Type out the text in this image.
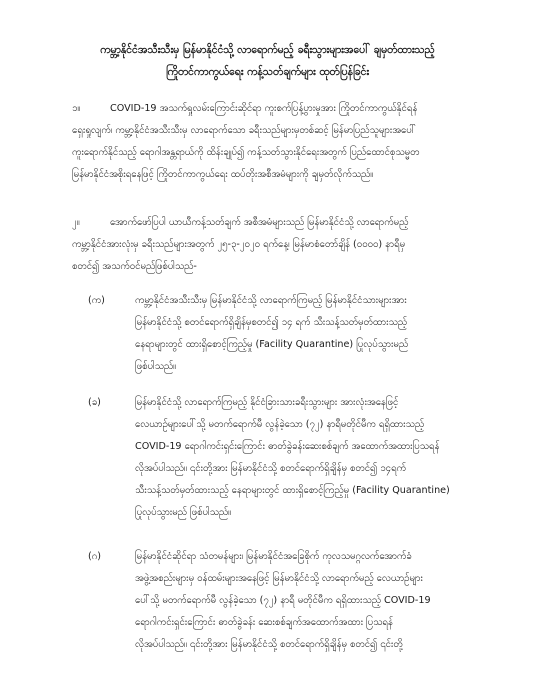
ကမ္ဘာ့နိုင်ငံအသီးသီးမှ မြန်မာနိုင်ငံသို့ လာရောက်မည့် ခရီးသွားများအပေါ် ချမှတ်ထားသည့်
ကြိုတင်ကာကွယ်ရေး ကန့်သတ်ချက်များ ထုတ်ပြန်ခြင်း
၁။	COVID-19 အသက်ရှုလမ်းကြောင်းဆိုင်ရာ ကူးစက်ပြန့်ပွားမှုအား ကြိုတင်ကာကွယ်နိုင်ရန်
ရှေးရှုလျက်၊ ကမ္ဘာ့နိုင်ငံအသီးသီးမှ လာရောက်သော ခရီးသည်များမှတစ်ဆင့် မြန်မာပြည်သူများအပေါ်
ကူးရောက်နိုင်သည့် ရောဂါအန္တရာယ်ကို ထိန်းချုပ်၍ ကန့်သတ်သွားနိုင်ရေးအတွက် ပြည်ထောင်စုသမ္မတ
မြန်မာနိုင်ငံအစိုးရနေဖြင့် ကြိုတင်ကာကွယ်ရေး ထပ်တိုးအစီအမံများကို ချမှတ်လိုက်သည်။
၂။	အောက်ဖော်ပြပါ ယာယီကန့်သတ်ချက် အစီအမံများသည် မြန်မာနိုင်ငံသို့ လာရောက်မည့်
ကမ္ဘာ့နိုင်ငံအားလုံးမှ ခရီးသည်များအတွက် ၂၅-၃-၂၀၂၀ ရက်နေ့၊ မြန်မာစံတော်ချိန် (၀၀၀၀) နာရီမှ
စတင်၍ အသက်ဝင်မည်ဖြစ်ပါသည်-
(က)	ကမ္ဘာ့နိုင်ငံအသီးသီးမှ မြန်မာနိုင်ငံသို့ လာရောက်ကြမည့် မြန်မာနိုင်ငံသားများအား
မြန်မာနိုင်ငံသို့ စတင်ရောက်ရှိချိန်မှစတင်၍ ၁၄ ရက် သီးသန့်သတ်မှတ်ထားသည့်
နေရာများတွင် ထားရှိစောင့်ကြည့်မှု (Facility Quarantine) ပြုလုပ်သွားမည်
ဖြစ်ပါသည်။
(ခ)	မြန်မာနိုင်ငံသို့ လာရောက်ကြမည့် နိုင်ငံခြားသားခရီးသွားများ အားလုံးအနေဖြင့်
လေယာဉ်များပေါ်သို့ မတက်ရောက်မီ လွန်ခဲ့သော (၇၂) နာရီမတိုင်မီက ရရှိထားသည့်
COVID-19 ရောဂါကင်းရှင်းကြောင်း ဓာတ်ခွဲခန်းဆေးစစ်ချက် အထောက်အထားပြသရန်
လိုအပ်ပါသည်။ ၎င်းတို့အား မြန်မာနိုင်ငံသို့ စတင်ရောက်ရှိချိန်မှ စတင်၍ ၁၄ရက်
သီးသန့်သတ်မှတ်ထားသည့် နေရာများတွင် ထားရှိစောင့်ကြည့်မှု (Facility Quarantine)
ပြုလုပ်သွားမည် ဖြစ်ပါသည်။
(ဂ)	မြန်မာနိုင်ငံဆိုင်ရာ သံတမန်များ၊ မြန်မာနိုင်ငံအခြေစိုက် ကုလသမဂ္ဂလက်အောက်ခံ
အဖွဲ့အစည်းများမှ ဝန်ထမ်းများအနေဖြင့် မြန်မာနိုင်ငံသို့ လာရောက်မည့် လေယာဉ်များ
ပေါ်သို့ မတက်ရောက်မီ လွန်ခဲ့သော (၇၂) နာရီ မတိုင်မီက ရရှိထားသည့် COVID-19
ရောဂါကင်းရှင်းကြောင်း ဓာတ်ခွဲခန်း ဆေးစစ်ချက်အထောက်အထား ပြသရန်
လိုအပ်ပါသည်။ ၎င်းတို့အား မြန်မာနိုင်ငံသို့ စတင်ရောက်ရှိချိန်မှ စတင်၍ ၎င်းတို့
